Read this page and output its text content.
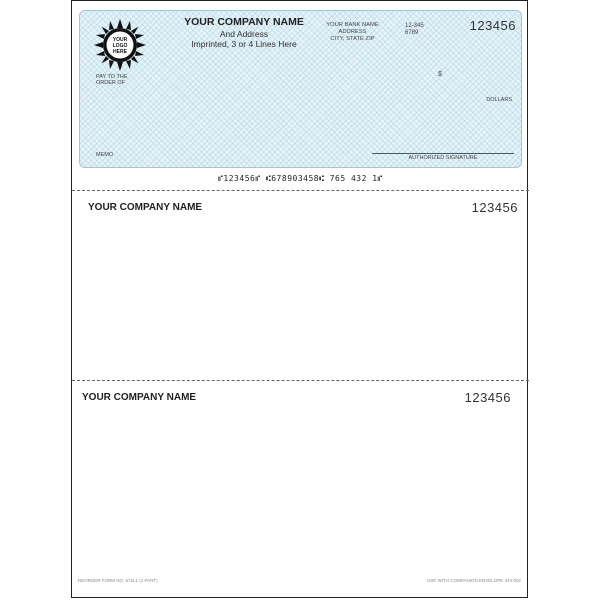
YOUR
LOGO
HERE
YOUR COMPANY NAME
And Address
Imprinted, 3 or 4 Lines Here
YOUR BANK NAME
ADDRESS
CITY, STATE ZIP
12-345
6789	123456
PAY TO THE
ORDER OF
$
DOLLARS
MEMO	AUTHORIZED SIGNATURE
⑈123456⑈ ⑆678903458⑆ 765 432 1⑈
YOUR COMPANY NAME	123456
YOUR COMPANY NAME	123456
REORDER FORM NO. 672L1 (1 PART)	USE WITH COMPANION ENVELOPE 444-002
